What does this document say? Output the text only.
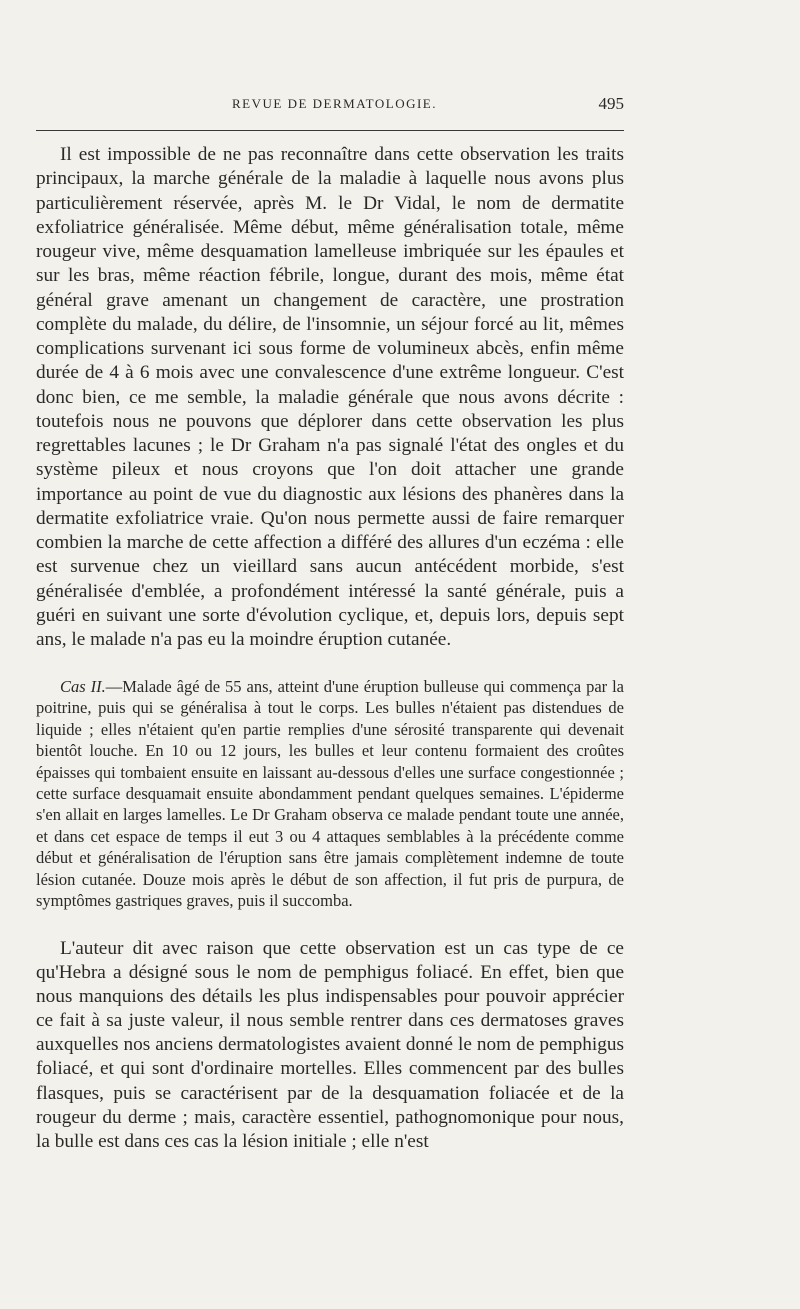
REVUE DE DERMATOLOGIE.	495

Il est impossible de ne pas reconnaître dans cette observation les traits principaux, la marche générale de la maladie à laquelle nous avons plus particulièrement réservée, après M. le Dr Vidal, le nom de dermatite exfoliatrice généralisée. Même début, même généralisation totale, même rougeur vive, même desquamation lamelleuse imbriquée sur les épaules et sur les bras, même réaction fébrile, longue, durant des mois, même état général grave amenant un changement de caractère, une prostration complète du malade, du délire, de l'insomnie, un séjour forcé au lit, mêmes complications survenant ici sous forme de volumineux abcès, enfin même durée de 4 à 6 mois avec une convalescence d'une extrême longueur. C'est donc bien, ce me semble, la maladie générale que nous avons décrite : toutefois nous ne pouvons que déplorer dans cette observation les plus regrettables lacunes ; le Dr Graham n'a pas signalé l'état des ongles et du système pileux et nous croyons que l'on doit attacher une grande importance au point de vue du diagnostic aux lésions des phanères dans la dermatite exfoliatrice vraie. Qu'on nous permette aussi de faire remarquer combien la marche de cette affection a différé des allures d'un eczéma : elle est survenue chez un vieillard sans aucun antécédent morbide, s'est généralisée d'emblée, a profondément intéressé la santé générale, puis a guéri en suivant une sorte d'évolution cyclique, et, depuis lors, depuis sept ans, le malade n'a pas eu la moindre éruption cutanée.

Cas II.—Malade âgé de 55 ans, atteint d'une éruption bulleuse qui commença par la poitrine, puis qui se généralisa à tout le corps. Les bulles n'étaient pas distendues de liquide ; elles n'étaient qu'en partie remplies d'une sérosité transparente qui devenait bientôt louche. En 10 ou 12 jours, les bulles et leur contenu formaient des croûtes épaisses qui tombaient ensuite en laissant au-dessous d'elles une surface congestionnée ; cette surface desquamait ensuite abondamment pendant quelques semaines. L'épiderme s'en allait en larges lamelles. Le Dr Graham observa ce malade pendant toute une année, et dans cet espace de temps il eut 3 ou 4 attaques semblables à la précédente comme début et généralisation de l'éruption sans être jamais complètement indemne de toute lésion cutanée. Douze mois après le début de son affection, il fut pris de purpura, de symptômes gastriques graves, puis il succomba.

L'auteur dit avec raison que cette observation est un cas type de ce qu'Hebra a désigné sous le nom de pemphigus foliacé. En effet, bien que nous manquions des détails les plus indispensables pour pouvoir apprécier ce fait à sa juste valeur, il nous semble rentrer dans ces dermatoses graves auxquelles nos anciens dermatologistes avaient donné le nom de pemphigus foliacé, et qui sont d'ordinaire mortelles. Elles commencent par des bulles flasques, puis se caractérisent par de la desquamation foliacée et de la rougeur du derme ; mais, caractère essentiel, pathognomonique pour nous, la bulle est dans ces cas la lésion initiale ; elle n'est
